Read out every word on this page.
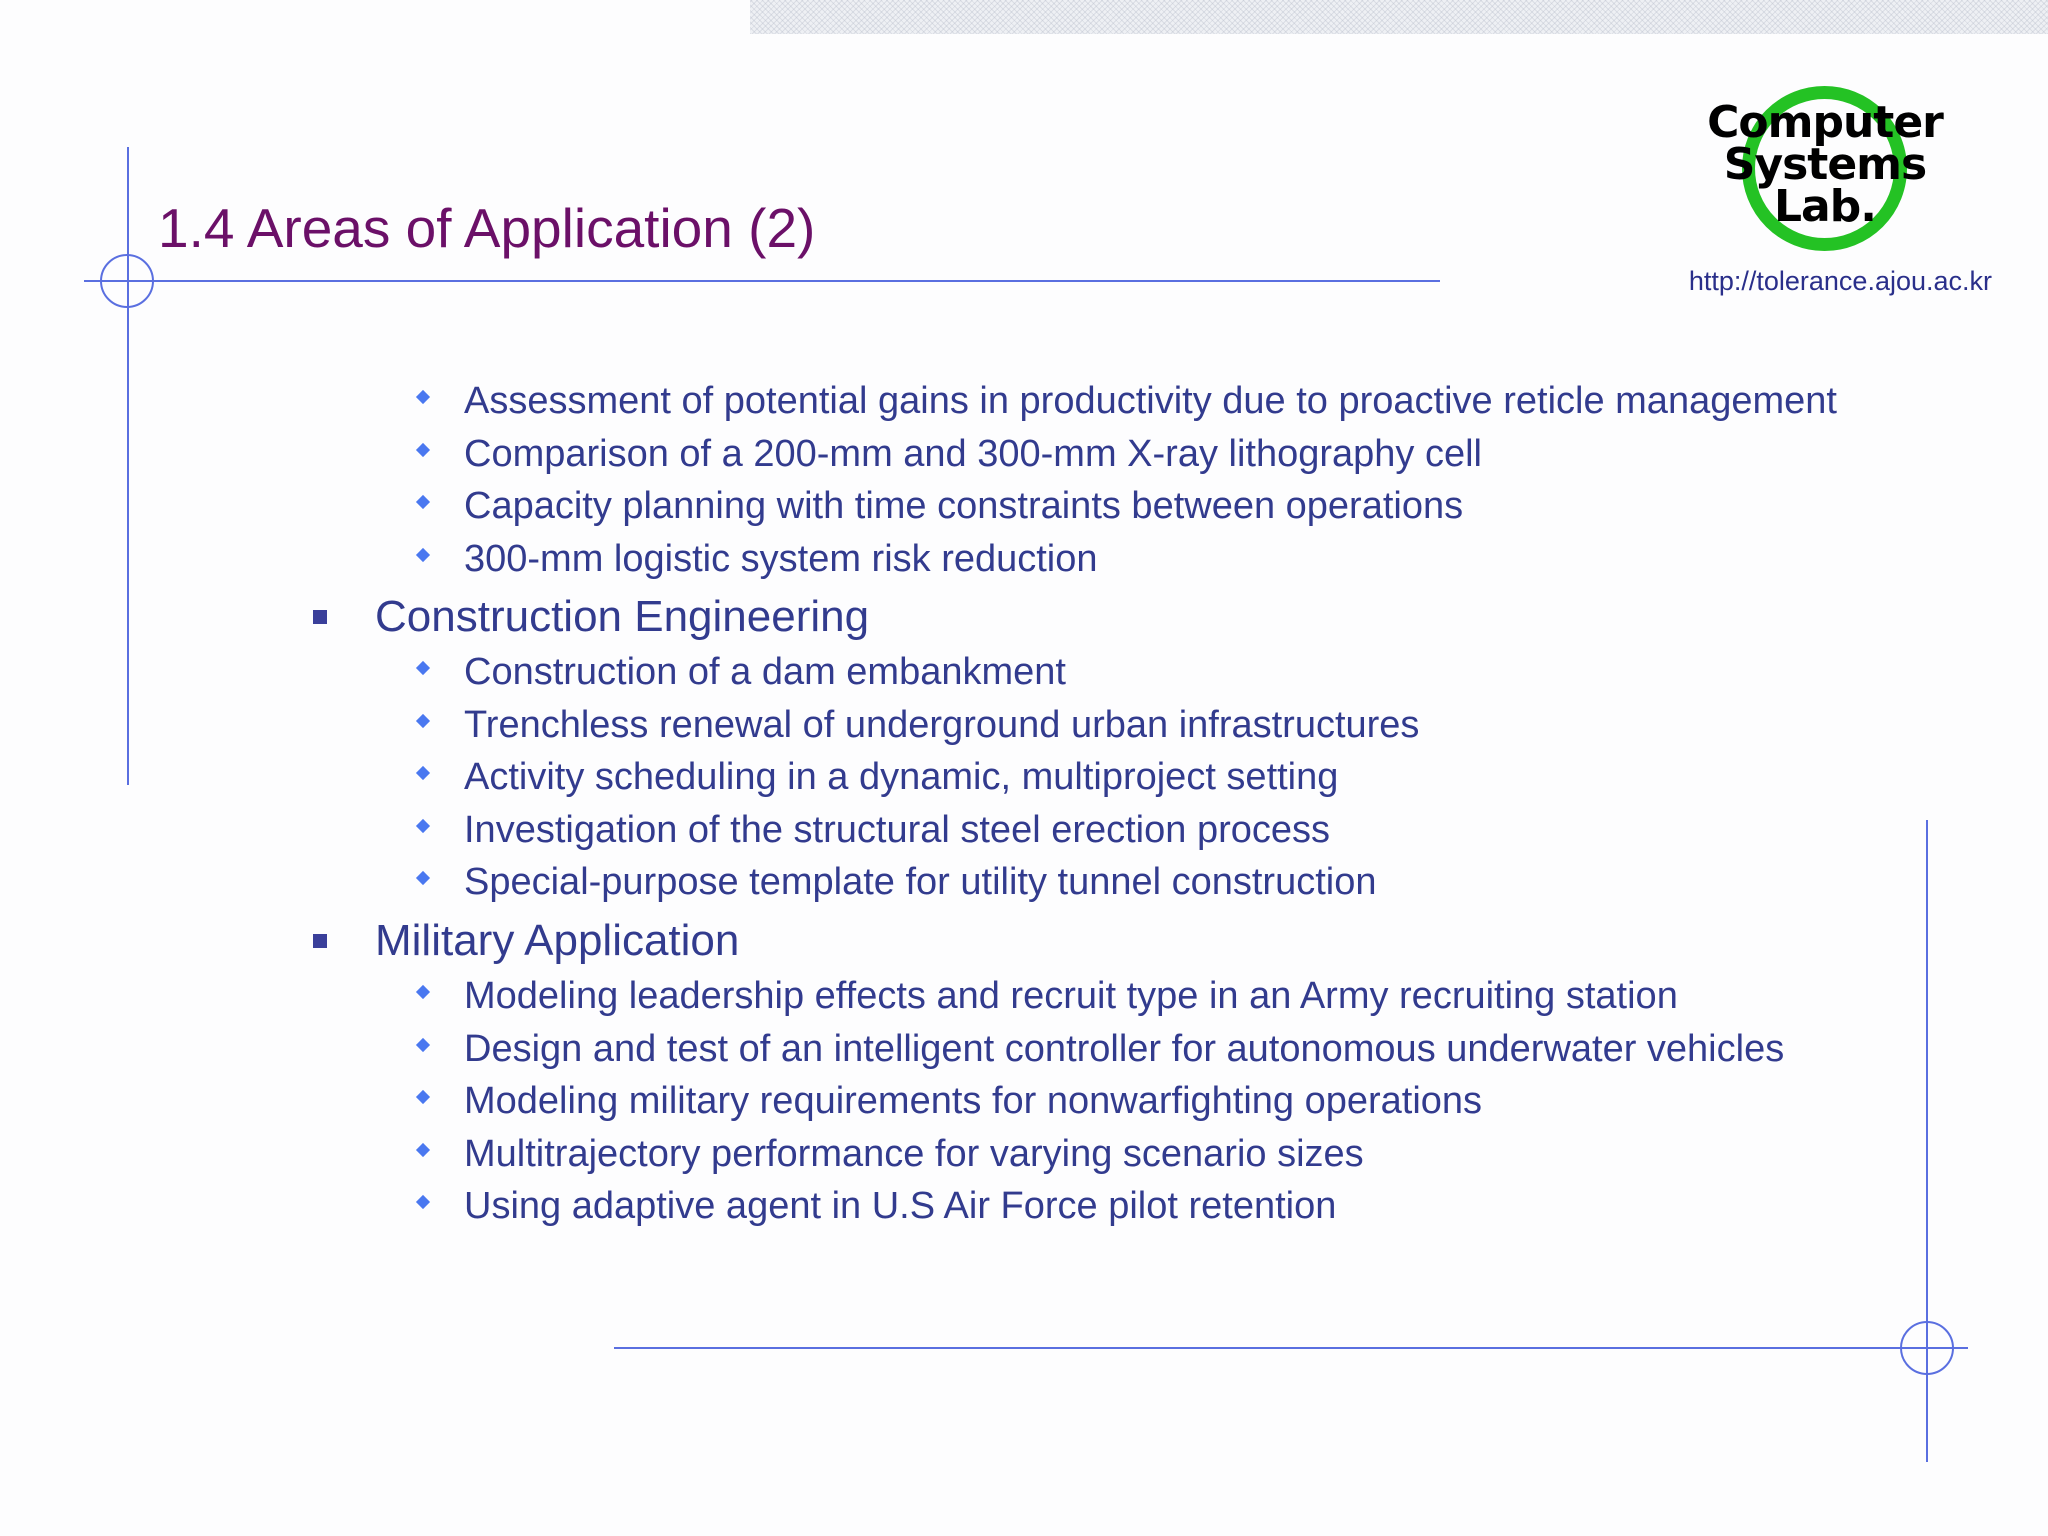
1.4 Areas of Application (2)
Computer
Systems
Lab.
http://tolerance.ajou.ac.kr
Assessment of potential gains in productivity due to proactive reticle management
Comparison of a 200-mm and 300-mm X-ray lithography cell
Capacity planning with time constraints between operations
300-mm logistic system risk reduction
Construction Engineering
Construction of a dam embankment
Trenchless renewal of underground urban infrastructures
Activity scheduling in a dynamic, multiproject setting
Investigation of the structural steel erection process
Special-purpose template for utility tunnel construction
Military Application
Modeling leadership effects and recruit type in an Army recruiting station
Design and test of an intelligent controller for autonomous underwater vehicles
Modeling military requirements for nonwarfighting operations
Multitrajectory performance for varying scenario sizes
Using adaptive agent in U.S Air Force pilot retention
